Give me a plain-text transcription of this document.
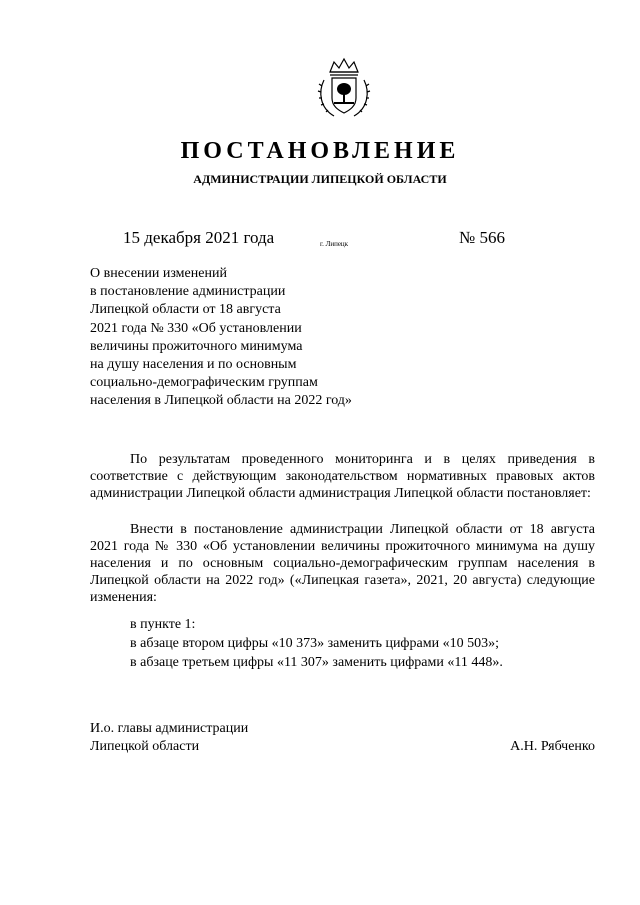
ПОСТАНОВЛЕНИЕ
АДМИНИСТРАЦИИ ЛИПЕЦКОЙ ОБЛАСТИ
15 декабря 2021 года	г. Липецк	№ 566
О внесении изменений
в постановление администрации
Липецкой области от 18 августа
2021 года № 330 «Об установлении
величины прожиточного минимума
на душу населения и по основным
социально-демографическим группам
населения в Липецкой области на 2022 год»

По результатам проведенного мониторинга и в целях приведения в соответствие с действующим законодательством нормативных правовых актов администрации Липецкой области администрация Липецкой области постановляет:

Внести в постановление администрации Липецкой области от 18 августа 2021 года № 330 «Об установлении величины прожиточного минимума на душу населения и по основным социально-демографическим группам населения в Липецкой области на 2022 год» («Липецкая газета», 2021, 20 августа) следующие изменения:

в пункте 1:
в абзаце втором цифры «10 373» заменить цифрами «10 503»;
в абзаце третьем цифры «11 307» заменить цифрами «11 448».
И.о. главы администрации
Липецкой области	А.Н. Рябченко
